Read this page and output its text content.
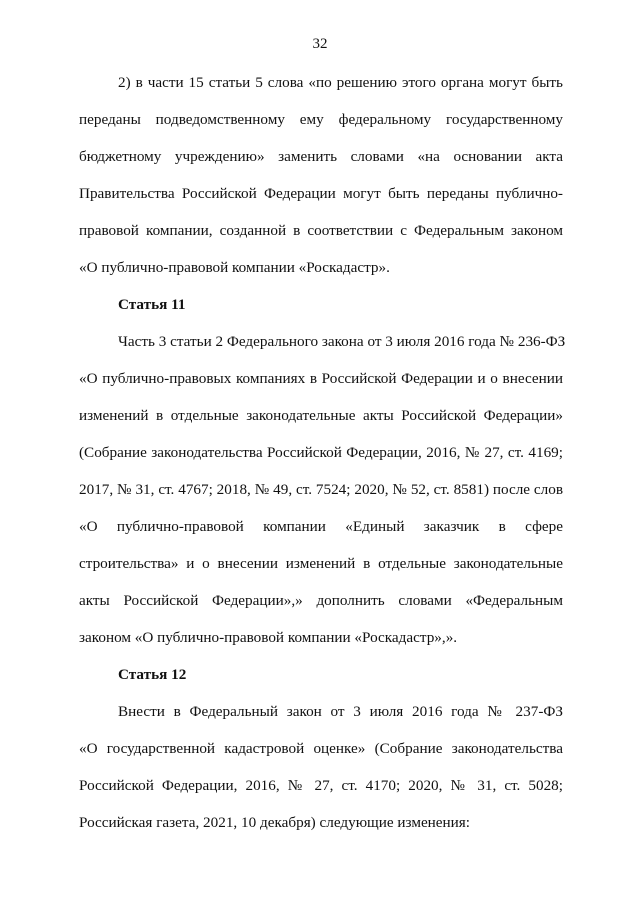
32
2) в части 15 статьи 5 слова «по решению этого органа могут быть
переданы подведомственному ему федеральному государственному
бюджетному учреждению» заменить словами «на основании акта
Правительства Российской Федерации могут быть переданы публично-
правовой компании, созданной в соответствии с Федеральным законом
«О публично-правовой компании «Роскадастр».
Статья 11
Часть 3 статьи 2 Федерального закона от 3 июля 2016 года № 236-ФЗ
«О публично-правовых компаниях в Российской Федерации и о внесении
изменений в отдельные законодательные акты Российской Федерации»
(Собрание законодательства Российской Федерации, 2016, № 27, ст. 4169;
2017, № 31, ст. 4767; 2018, № 49, ст. 7524; 2020, № 52, ст. 8581) после слов
«О публично-правовой компании «Единый заказчик в сфере
строительства» и о внесении изменений в отдельные законодательные
акты Российской Федерации»,» дополнить словами «Федеральным
законом «О публично-правовой компании «Роскадастр»,».
Статья 12
Внести в Федеральный закон от 3 июля 2016 года № 237-ФЗ
«О государственной кадастровой оценке» (Собрание законодательства
Российской Федерации, 2016, № 27, ст. 4170; 2020, № 31, ст. 5028;
Российская газета, 2021, 10 декабря) следующие изменения:
